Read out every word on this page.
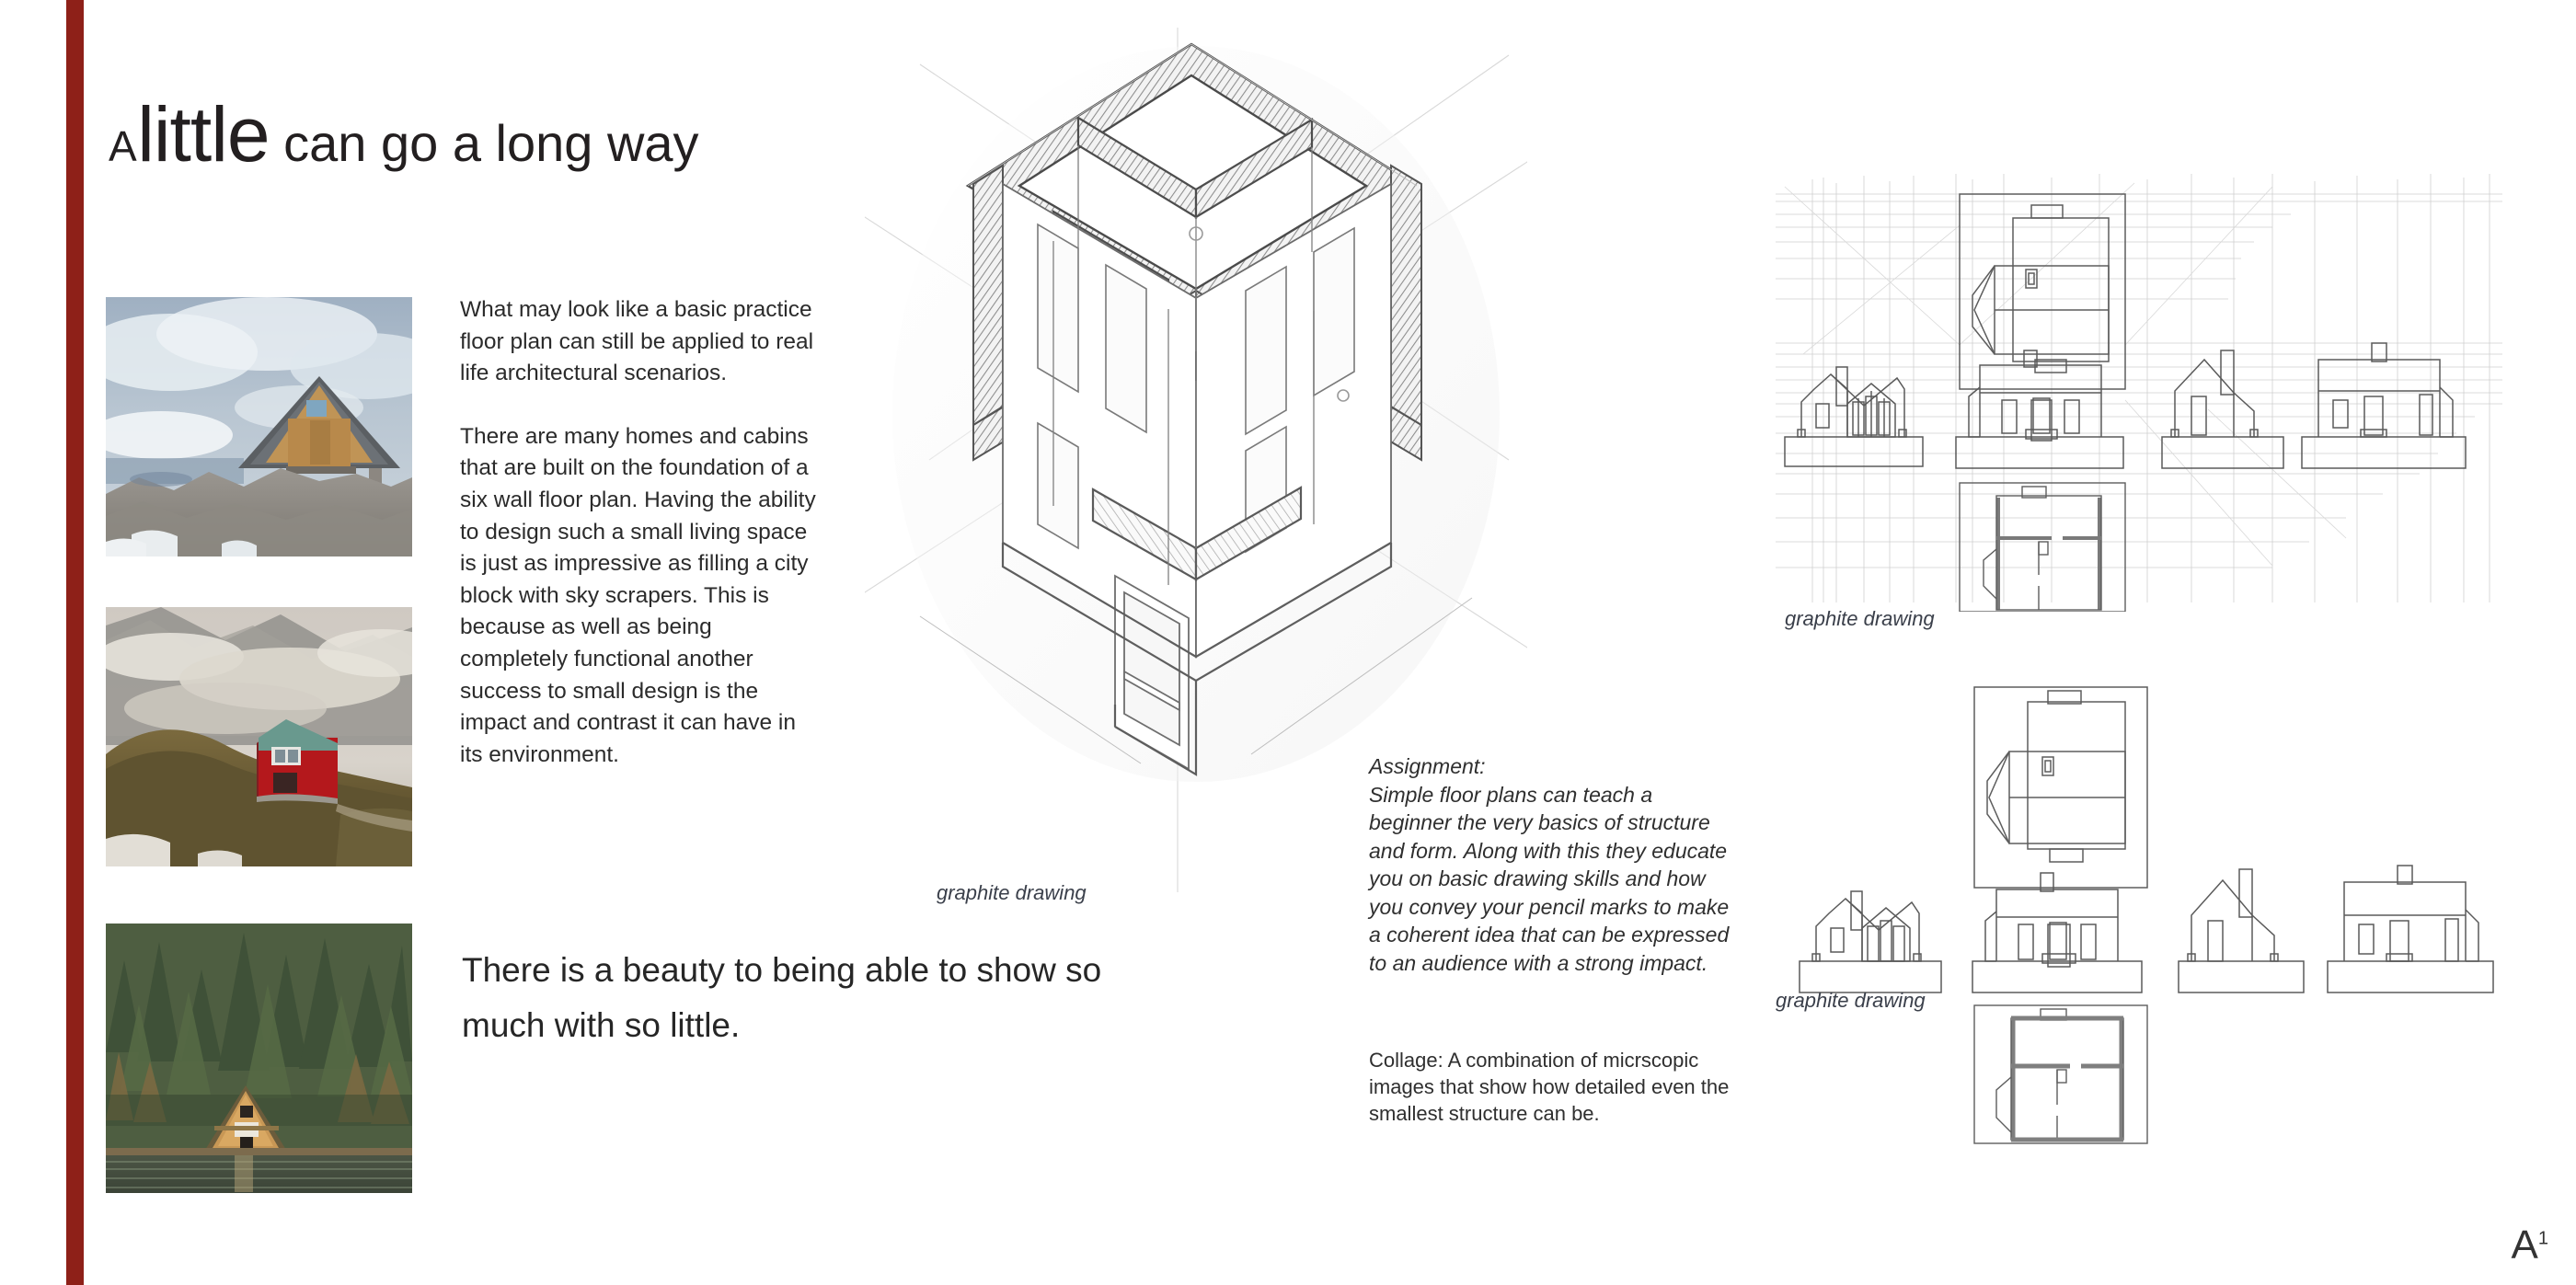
Alittle can go a long way

What may look like a basic practice floor plan can still be applied to real life architectural scenarios.

There are many homes and cabins that are built on the foundation of a six wall floor plan. Having the ability to design such a small living space is just as impressive as filling a city block with sky scrapers. This is because as well as being completely functional another success to small design is the impact and contrast it can have in its environment.

There is a beauty to being able to show so much with so little.
graphite drawing

Assignment:

Simple floor plans can teach a beginner the very basics of structure and form. Along with this they educate you on basic drawing skills and how you convey your pencil marks to make a coherent idea that can be expressed to an audience with a strong impact.

Collage: A combination of micrscopic images that show how detailed even the smallest structure can be.

graphite drawing
graphite drawing
$A^1$
